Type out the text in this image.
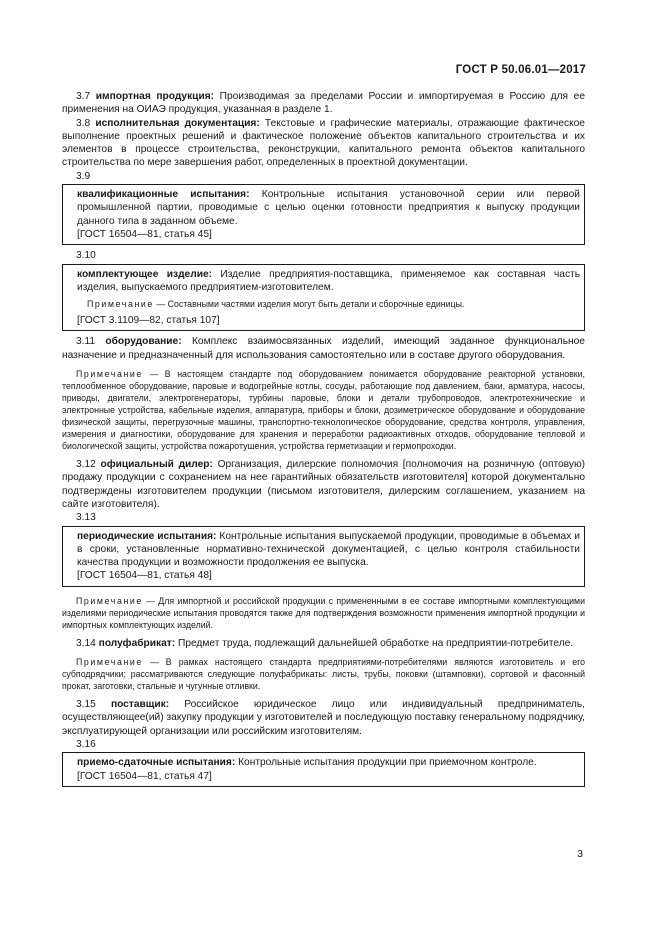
ГОСТ Р 50.06.01—2017

3.7 импортная продукция: Производимая за пределами России и импортируемая в Россию для ее применения на ОИАЭ продукция, указанная в разделе 1.

3.8 исполнительная документация: Текстовые и графические материалы, отражающие фактическое выполнение проектных решений и фактическое положение объектов капитального строительства и их элементов в процессе строительства, реконструкции, капитального ремонта объектов капитального строительства по мере завершения работ, определенных в проектной документации.

3.9

квалификационные испытания: Контрольные испытания установочной серии или первой промышленной партии, проводимые с целью оценки готовности предприятия к выпуску продукции данного типа в заданном объеме.

[ГОСТ 16504—81, статья 45]
3.10

комплектующее изделие: Изделие предприятия-поставщика, применяемое как составная часть изделия, выпускаемого предприятием-изготовителем.

Примечание — Составными частями изделия могут быть детали и сборочные единицы.

[ГОСТ 3.1109—82, статья 107]

3.11 оборудование: Комплекс взаимосвязанных изделий, имеющий заданное функциональное назначение и предназначенный для использования самостоятельно или в составе другого оборудования.

Примечание — В настоящем стандарте под оборудованием понимается оборудование реакторной установки, теплообменное оборудование, паровые и водогрейные котлы, сосуды, работающие под давлением, баки, арматура, насосы, приводы, двигатели, электрогенераторы, турбины паровые, блоки и детали трубопроводов, электротехнические и электронные устройства, кабельные изделия, аппаратура, приборы и блоки, дозиметрическое оборудование и оборудование физической защиты, перегрузочные машины, транспортно-технологическое оборудование, средства контроля, управления, измерения и диагностики, оборудование для хранения и переработки радиоактивных отходов, оборудование тепловой и биологической защиты, устройства пожаротушения, устройства герметизации и гермопроходки.

3.12 официальный дилер: Организация, дилерские полномочия [полномочия на розничную (оптовую) продажу продукции с сохранением на нее гарантийных обязательств изготовителя] которой документально подтверждены изготовителем продукции (письмом изготовителя, дилерским соглашением, указанием на сайте изготовителя).

3.13

периодические испытания: Контрольные испытания выпускаемой продукции, проводимые в объемах и в сроки, установленные нормативно-технической документацией, с целью контроля стабильности качества продукции и возможности продолжения ее выпуска.

[ГОСТ 16504—81, статья 48]

Примечание — Для импортной и российской продукции с примененными в ее составе импортными комплектующими изделиями периодические испытания проводятся также для подтверждения возможности применения импортной продукции и импортных комплектующих изделий.

3.14 полуфабрикат: Предмет труда, подлежащий дальнейшей обработке на предприятии-потребителе.

Примечание — В рамках настоящего стандарта предприятиями-потребителями являются изготовитель и его субподрядчики; рассматриваются следующие полуфабрикаты: листы, трубы, поковки (штамповки), сортовой и фасонный прокат, заготовки, стальные и чугунные отливки.

3.15 поставщик: Российское юридическое лицо или индивидуальный предприниматель, осуществляющее(ий) закупку продукции у изготовителей и последующую поставку генеральному подрядчику, эксплуатирующей организации или российским изготовителям.

3.16

приемо-сдаточные испытания: Контрольные испытания продукции при приемочном контроле.

[ГОСТ 16504—81, статья 47]
3
